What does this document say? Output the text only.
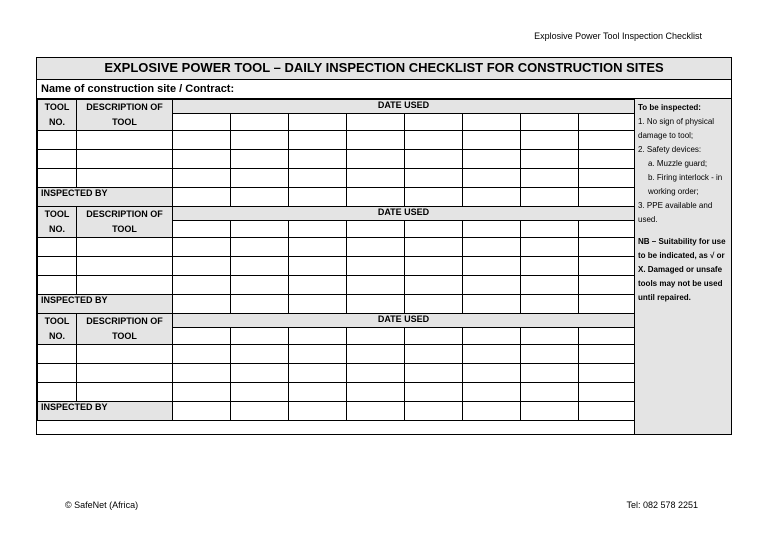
Explosive Power Tool Inspection Checklist
EXPLOSIVE POWER TOOL – DAILY INSPECTION CHECKLIST FOR CONSTRUCTION SITES
Name of construction site / Contract:
TOOL NO.	DESCRIPTION OF TOOL	DATE USED							

INSPECTED BY									
TOOL NO.	DESCRIPTION OF TOOL	DATE USED							

INSPECTED BY									
TOOL NO.	DESCRIPTION OF TOOL	DATE USED							

INSPECTED BY									
To be inspected:
1. No sign of physical damage to tool;
2. Safety devices:
a. Muzzle guard;
b. Firing interlock - in working order;
3. PPE available and used.
NB – Suitability for use to be indicated, as √ or X. Damaged or unsafe tools may not be used until repaired.
© SafeNet (Africa)	Tel: 082 578 2251
